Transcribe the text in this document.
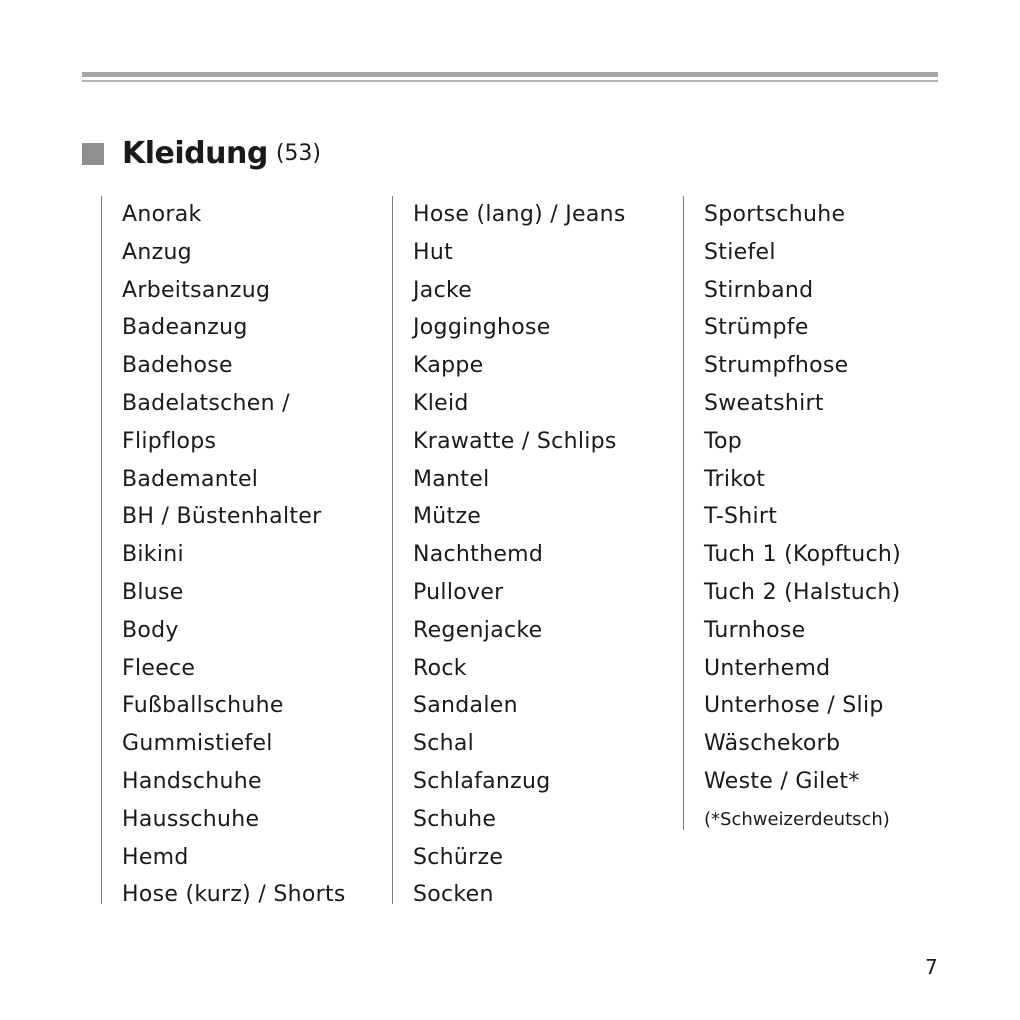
Kleidung (53)
Anorak
Anzug
Arbeitsanzug
Badeanzug
Badehose
Badelatschen /
Flipflops
Bademantel
BH / Büstenhalter
Bikini
Bluse
Body
Fleece
Fußballschuhe
Gummistiefel
Handschuhe
Hausschuhe
Hemd
Hose (kurz) / Shorts
Hose (lang) / Jeans
Hut
Jacke
Jogginghose
Kappe
Kleid
Krawatte / Schlips
Mantel
Mütze
Nachthemd
Pullover
Regenjacke
Rock
Sandalen
Schal
Schlafanzug
Schuhe
Schürze
Socken
Sportschuhe
Stiefel
Stirnband
Strümpfe
Strumpfhose
Sweatshirt
Top
Trikot
T-Shirt
Tuch 1 (Kopftuch)
Tuch 2 (Halstuch)
Turnhose
Unterhemd
Unterhose / Slip
Wäschekorb
Weste / Gilet*
(*Schweizerdeutsch)
7
